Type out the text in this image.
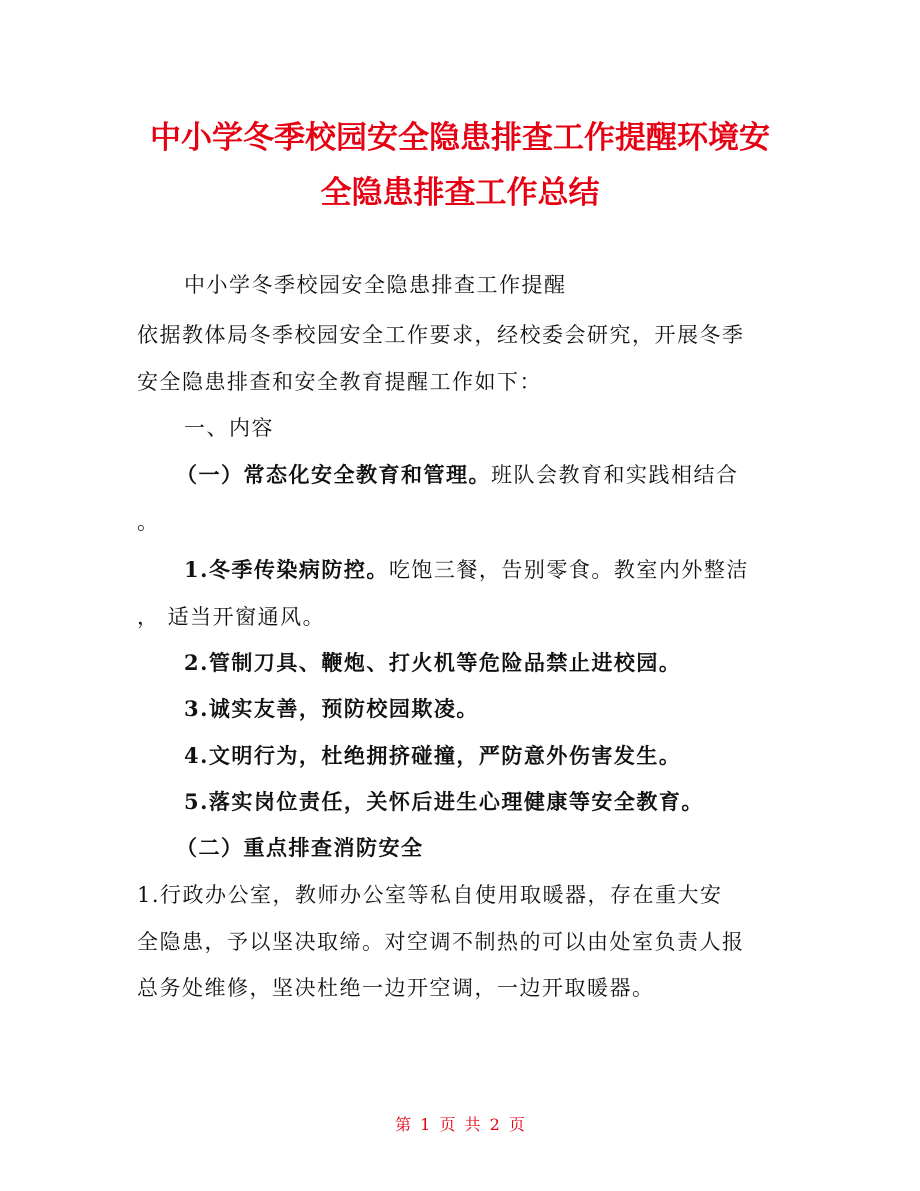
中小学冬季校园安全隐患排查工作提醒环境安
全隐患排查工作总结
中小学冬季校园安全隐患排查工作提醒
依据教体局冬季校园安全工作要求，经校委会研究，开展冬季
安全隐患排查和安全教育提醒工作如下：
一、内容
（一）常态化安全教育和管理。班队会教育和实践相结合
。
1.冬季传染病防控。吃饱三餐，告别零食。教室内外整洁
， 适当开窗通风。
2.管制刀具、鞭炮、打火机等危险品禁止进校园。
3.诚实友善，预防校园欺凌。
4.文明行为，杜绝拥挤碰撞，严防意外伤害发生。
5.落实岗位责任，关怀后进生心理健康等安全教育。
（二）重点排查消防安全
1.行政办公室，教师办公室等私自使用取暖器，存在重大安
全隐患，予以坚决取缔。对空调不制热的可以由处室负责人报
总务处维修，坚决杜绝一边开空调，一边开取暖器。
第 1 页 共 2 页
